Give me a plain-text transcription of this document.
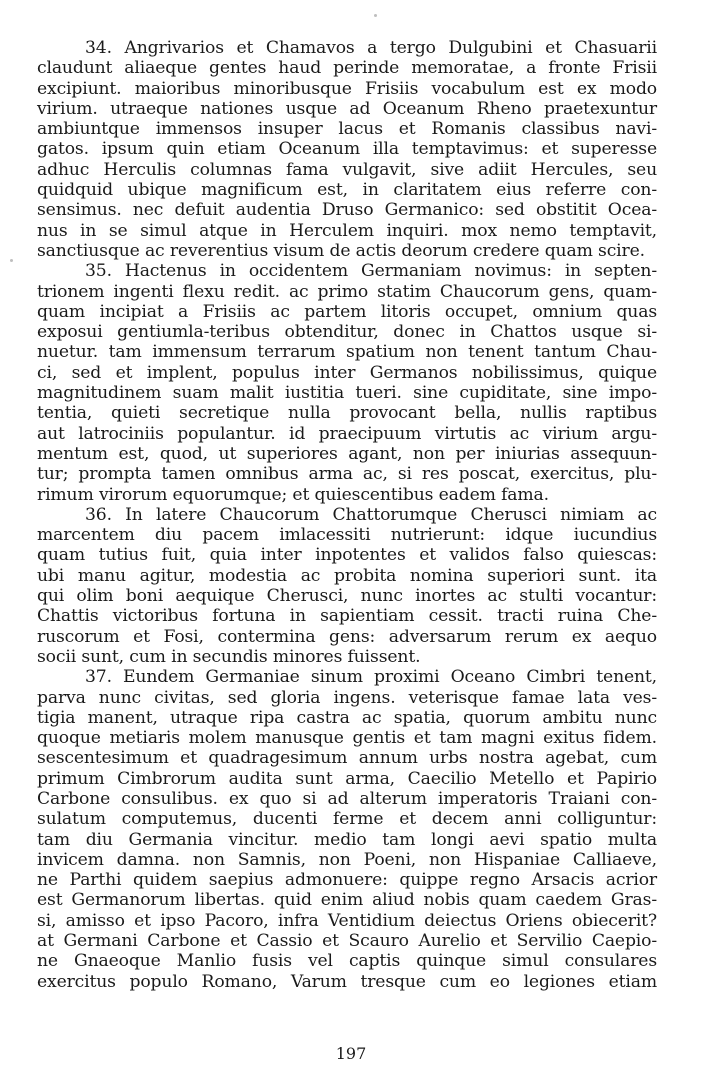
34. Angrivarios et Chamavos a tergo Dulgubini et Chasuarii
claudunt aliaeque gentes haud perinde memoratae, a fronte Frisii
excipiunt. maioribus minoribusque Frisiis vocabulum est ex modo
virium. utraeque nationes usque ad Oceanum Rheno praetexuntur
ambiuntque immensos insuper lacus et Romanis classibus navi-
gatos. ipsum quin etiam Oceanum illa temptavimus: et superesse
adhuc Herculis columnas fama vulgavit, sive adiit Hercules, seu
quidquid ubique magnificum est, in claritatem eius referre con-
sensimus. nec defuit audentia Druso Germanico: sed obstitit Ocea-
nus in se simul atque in Herculem inquiri. mox nemo temptavit,
sanctiusque ac reverentius visum de actis deorum credere quam scire.
35. Hactenus in occidentem Germaniam novimus: in septen-
trionem ingenti flexu redit. ac primo statim Chaucorum gens, quam-
quam incipiat a Frisiis ac partem litoris occupet, omnium quas
exposui gentiumla-teribus obtenditur, donec in Chattos usque si-
nuetur. tam immensum terrarum spatium non tenent tantum Chau-
ci, sed et implent, populus inter Germanos nobilissimus, quique
magnitudinem suam malit iustitia tueri. sine cupiditate, sine impo-
tentia, quieti secretique nulla provocant bella, nullis raptibus
aut latrociniis populantur. id praecipuum virtutis ac virium argu-
mentum est, quod, ut superiores agant, non per iniurias assequun-
tur; prompta tamen omnibus arma ac, si res poscat, exercitus, plu-
rimum virorum equorumque; et quiescentibus eadem fama.
36. In latere Chaucorum Chattorumque Cherusci nimiam ac
marcentem diu pacem imlacessiti nutrierunt: idque iucundius
quam tutius fuit, quia inter inpotentes et validos falso quiescas:
ubi manu agitur, modestia ac probita nomina superiori sunt. ita
qui olim boni aequique Cherusci, nunc inortes ac stulti vocantur:
Chattis victoribus fortuna in sapientiam cessit. tracti ruina Che-
ruscorum et Fosi, contermina gens: adversarum rerum ex aequo
socii sunt, cum in secundis minores fuissent.
37. Eundem Germaniae sinum proximi Oceano Cimbri tenent,
parva nunc civitas, sed gloria ingens. veterisque famae lata ves-
tigia manent, utraque ripa castra ac spatia, quorum ambitu nunc
quoque metiaris molem manusque gentis et tam magni exitus fidem.
sescentesimum et quadragesimum annum urbs nostra agebat, cum
primum Cimbrorum audita sunt arma, Caecilio Metello et Papirio
Carbone consulibus. ex quo si ad alterum imperatoris Traiani con-
sulatum computemus, ducenti ferme et decem anni colliguntur:
tam diu Germania vincitur. medio tam longi aevi spatio multa
invicem damna. non Samnis, non Poeni, non Hispaniae Calliaeve,
ne Parthi quidem saepius admonuere: quippe regno Arsacis acrior
est Germanorum libertas. quid enim aliud nobis quam caedem Gras-
si, amisso et ipso Pacoro, infra Ventidium deiectus Oriens obiecerit?
at Germani Carbone et Cassio et Scauro Aurelio et Servilio Caepio-
ne Gnaeoque Manlio fusis vel captis quinque simul consulares
exercitus populo Romano, Varum tresque cum eo legiones etiam
197
